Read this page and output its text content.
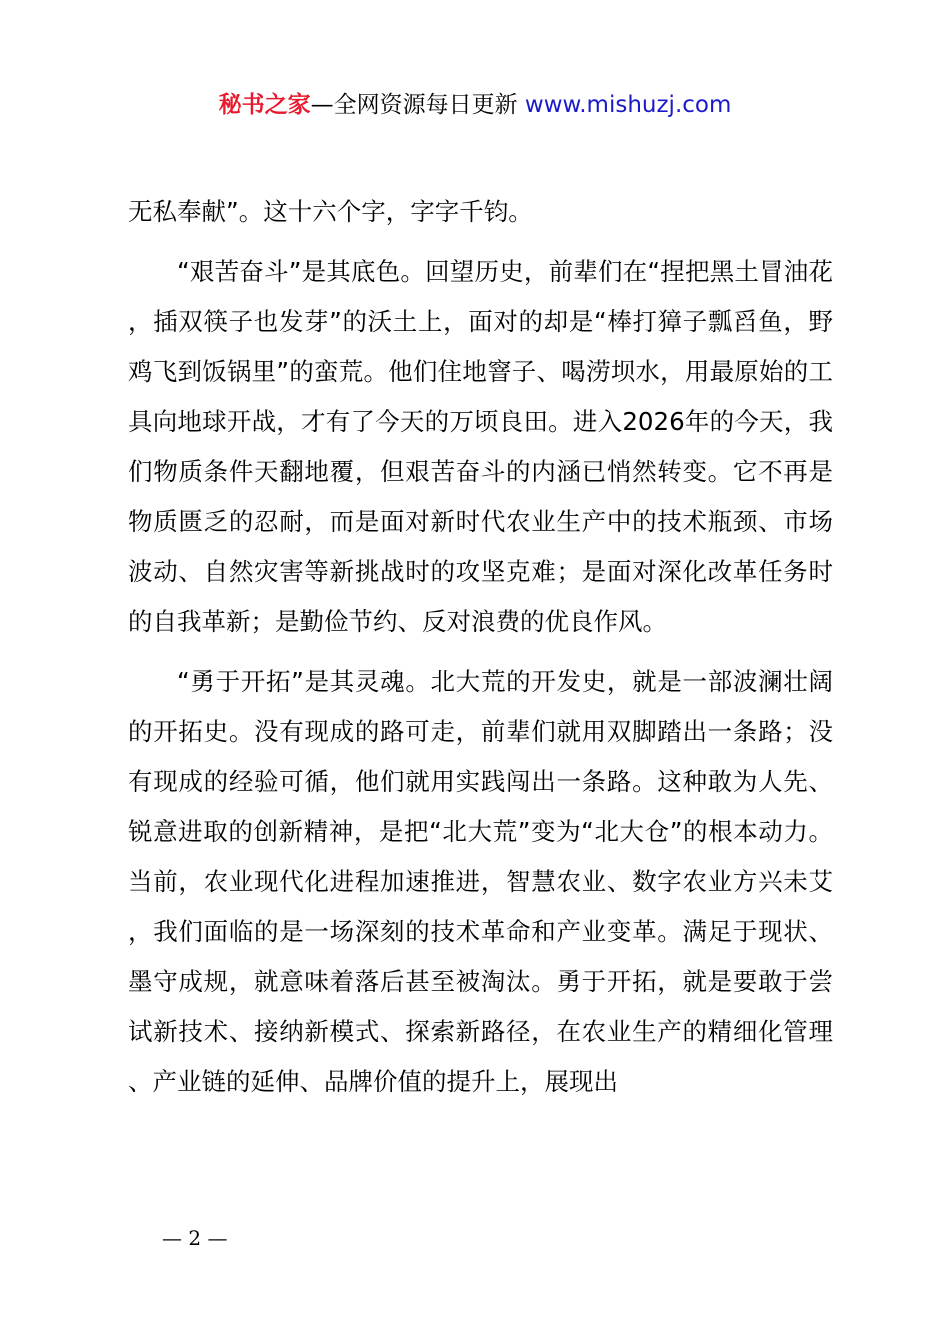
秘书之家—全网资源每日更新 www.mishuzj.com

无私奉献”。这十六个字，字字千钧。

“艰苦奋斗”是其底色。回望历史，前辈们在“捏把黑土冒油花，插双筷子也发芽”的沃土上，面对的却是“棒打獐子瓢舀鱼，野鸡飞到饭锅里”的蛮荒。他们住地窨子、喝涝坝水，用最原始的工具向地球开战，才有了今天的万顷良田。进入2026年的今天，我们物质条件天翻地覆，但艰苦奋斗的内涵已悄然转变。它不再是物质匮乏的忍耐，而是面对新时代农业生产中的技术瓶颈、市场波动、自然灾害等新挑战时的攻坚克难；是面对深化改革任务时的自我革新；是勤俭节约、反对浪费的优良作风。

“勇于开拓”是其灵魂。北大荒的开发史，就是一部波澜壮阔的开拓史。没有现成的路可走，前辈们就用双脚踏出一条路；没有现成的经验可循，他们就用实践闯出一条路。这种敢为人先、锐意进取的创新精神，是把“北大荒”变为“北大仓”的根本动力。当前，农业现代化进程加速推进，智慧农业、数字农业方兴未艾，我们面临的是一场深刻的技术革命和产业变革。满足于现状、墨守成规，就意味着落后甚至被淘汰。勇于开拓，就是要敢于尝试新技术、接纳新模式、探索新路径，在农业生产的精细化管理、产业链的延伸、品牌价值的提升上，展现出

— 2 —
